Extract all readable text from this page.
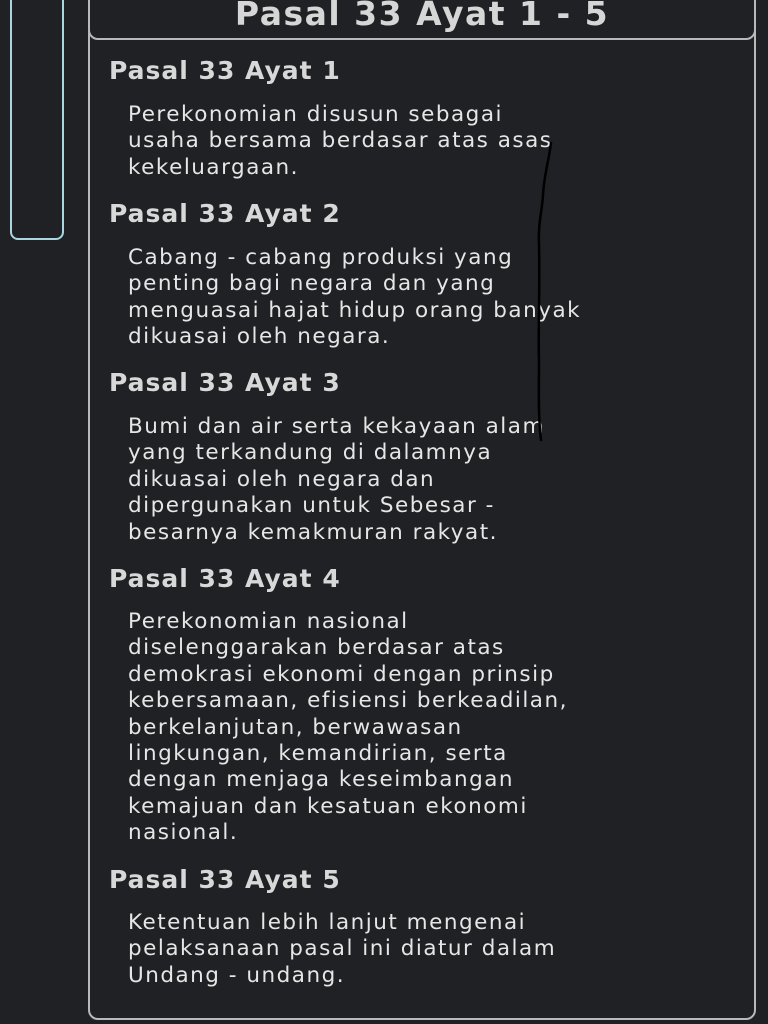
Pasal 33 Ayat 1 - 5
Pasal 33 Ayat 1

Perekonomian disusun sebagai
usaha bersama berdasar atas asas
kekeluargaan.

Pasal 33 Ayat 2

Cabang - cabang produksi yang
penting bagi negara dan yang
menguasai hajat hidup orang banyak
dikuasai oleh negara.

Pasal 33 Ayat 3

Bumi dan air serta kekayaan alam
yang terkandung di dalamnya
dikuasai oleh negara dan
dipergunakan untuk Sebesar -
besarnya kemakmuran rakyat.

Pasal 33 Ayat 4

Perekonomian nasional
diselenggarakan berdasar atas
demokrasi ekonomi dengan prinsip
kebersamaan, efisiensi berkeadilan,
berkelanjutan, berwawasan
lingkungan, kemandirian, serta
dengan menjaga keseimbangan
kemajuan dan kesatuan ekonomi
nasional.

Pasal 33 Ayat 5

Ketentuan lebih lanjut mengenai
pelaksanaan pasal ini diatur dalam
Undang - undang.
